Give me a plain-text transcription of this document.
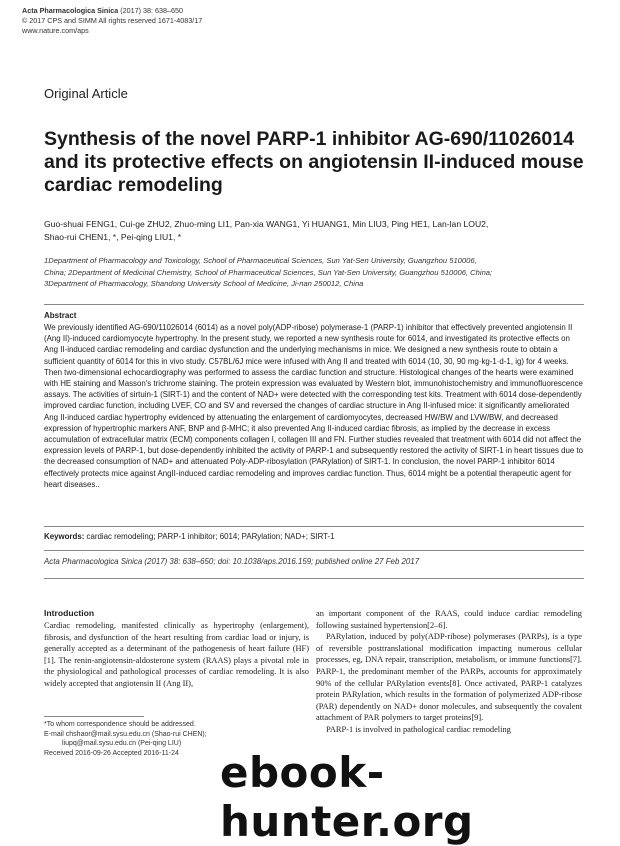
Acta Pharmacologica Sinica (2017) 38: 638–650
© 2017 CPS and SIMM All rights reserved 1671-4083/17
www.nature.com/aps
Original Article
Synthesis of the novel PARP-1 inhibitor AG-690/11026014 and its protective effects on angiotensin II-induced mouse cardiac remodeling
Guo-shuai FENG1, Cui-ge ZHU2, Zhuo-ming LI1, Pan-xia WANG1, Yi HUANG1, Min LIU3, Ping HE1, Lan-lan LOU2,
Shao-rui CHEN1, *, Pei-qing LIU1, *
1Department of Pharmacology and Toxicology, School of Pharmaceutical Sciences, Sun Yat-Sen University, Guangzhou 510006,
China; 2Department of Medicinal Chemistry, School of Pharmaceutical Sciences, Sun Yat-Sen University, Guangzhou 510006, China;
3Department of Pharmacology, Shandong University School of Medicine, Ji-nan 250012, China
Abstract

We previously identified AG-690/11026014 (6014) as a novel poly(ADP-ribose) polymerase-1 (PARP-1) inhibitor that effectively prevented angiotensin II (Ang II)-induced cardiomyocyte hypertrophy. In the present study, we reported a new synthesis route for 6014, and investigated its protective effects on Ang II-induced cardiac remodeling and cardiac dysfunction and the underlying mechanisms in mice. We designed a new synthesis route to obtain a sufficient quantity of 6014 for this in vivo study. C57BL/6J mice were infused with Ang II and treated with 6014 (10, 30, 90 mg·kg-1·d-1, ig) for 4 weeks. Then two-dimensional echocardiography was performed to assess the cardiac function and structure. Histological changes of the hearts were examined with HE staining and Masson's trichrome staining. The protein expression was evaluated by Western blot, immunohistochemistry and immunofluorescence assays. The activities of sirtuin-1 (SIRT-1) and the content of NAD+ were detected with the corresponding test kits. Treatment with 6014 dose-dependently improved cardiac function, including LVEF, CO and SV and reversed the changes of cardiac structure in Ang II-infused mice: it significantly ameliorated Ang II-induced cardiac hypertrophy evidenced by attenuating the enlargement of cardiomyocytes, decreased HW/BW and LVW/BW, and decreased expression of hypertrophic markers ANF, BNP and β-MHC; it also prevented Ang II-induced cardiac fibrosis, as implied by the decrease in excess accumulation of extracellular matrix (ECM) components collagen I, collagen III and FN. Further studies revealed that treatment with 6014 did not affect the expression levels of PARP-1, but dose-dependently inhibited the activity of PARP-1 and subsequently restored the activity of SIRT-1 in heart tissues due to the decreased consumption of NAD+ and attenuated Poly-ADP-ribosylation (PARylation) of SIRT-1. In conclusion, the novel PARP-1 inhibitor 6014 effectively protects mice against AngII-induced cardiac remodeling and improves cardiac function. Thus, 6014 might be a potential therapeutic agent for heart diseases..

Keywords: cardiac remodeling; PARP-1 inhibitor; 6014; PARylation; NAD+; SIRT-1
Acta Pharmacologica Sinica (2017) 38: 638–650; doi: 10.1038/aps.2016.159; published online 27 Feb 2017
Introduction

Cardiac remodeling, manifested clinically as hypertrophy (enlargement), fibrosis, and dysfunction of the heart resulting from cardiac load or injury, is generally accepted as a determinant of the pathogenesis of heart failure (HF)[1]. The renin-angiotensin-aldosterone system (RAAS) plays a pivotal role in the physiological and pathological processes of cardiac remodeling. It is also widely accepted that angiotensin II (Ang II),

an important component of the RAAS, could induce cardiac remodeling following sustained hypertension[2–6].

PARylation, induced by poly(ADP-ribose) polymerases (PARPs), is a type of reversible posttranslational modification impacting numerous cellular processes, eg, DNA repair, transcription, metabolism, or immune functions[7]. PARP-1, the predominant member of the PARPs, accounts for approximately 90% of the cellular PARylation events[8]. Once activated, PARP-1 catalyzes protein PARylation, which results in the formation of polymerized ADP-ribose (PAR) dependently on NAD+ donor molecules, and subsequently the covalent attachment of PAR polymers to target proteins[9].

PARP-1 is involved in pathological cardiac remodeling

*To whom correspondence should be addressed.
E-mail chshaor@mail.sysu.edu.cn (Shao-rui CHEN);
liupq@mail.sysu.edu.cn (Pei-qing LIU)
Received 2016-09-26 Accepted 2016-11-24 ebook-hunter.org
